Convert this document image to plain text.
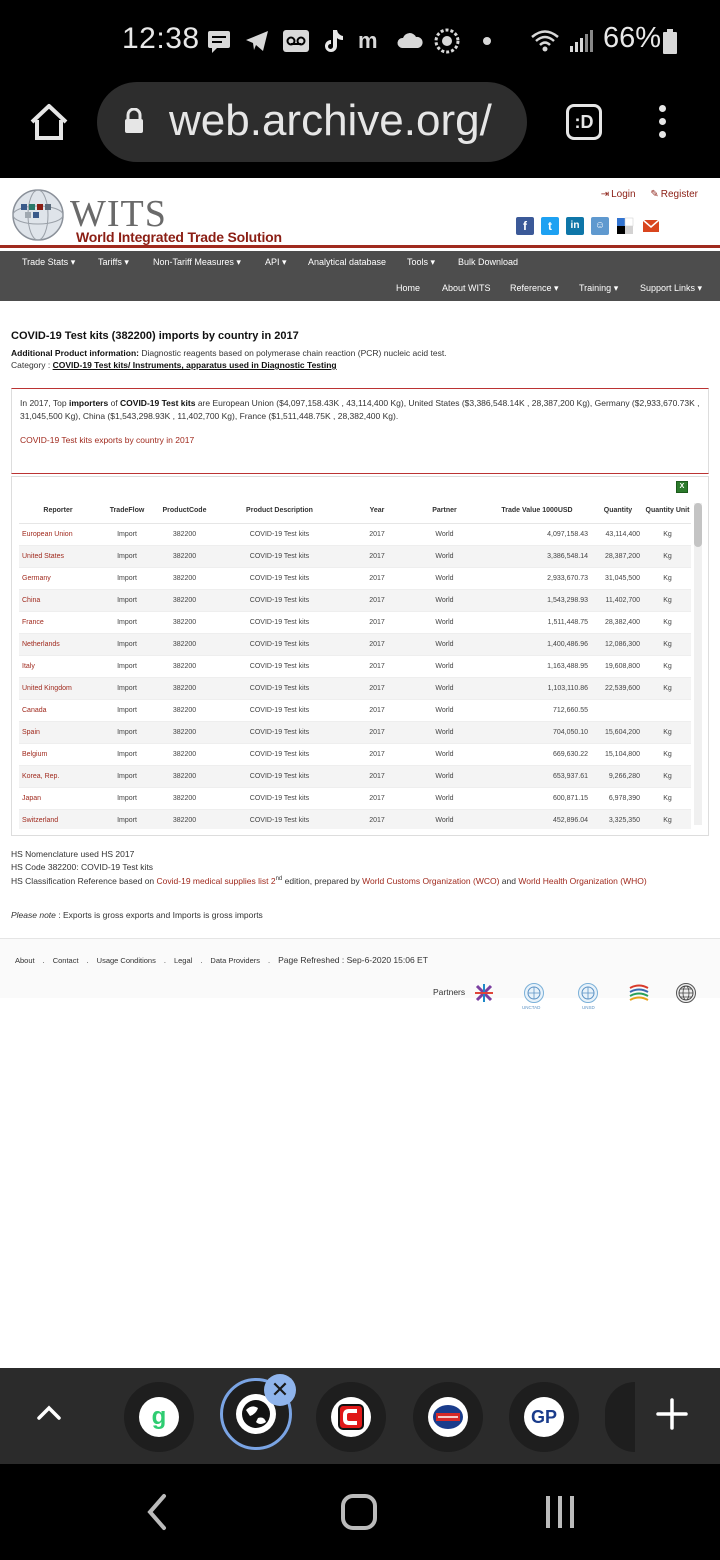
12:38	m	66%
web.archive.org/	:D
WITS
World Integrated Trade Solution
⇥ Login ✎ Register
f	t	in	☺
Trade Stats ▾	Tariffs ▾	Non-Tariff Measures ▾	API ▾ Analytical database Tools ▾	Bulk Download
Home About WITS Reference ▾ Training ▾ Support Links ▾
COVID-19 Test kits (382200) imports by country in 2017
Additional Product information: Diagnostic reagents based on polymerase chain reaction (PCR) nucleic acid test.
Category : COVID-19 Test kits/ Instruments, apparatus used in Diagnostic Testing
In 2017, Top importers of COVID-19 Test kits are European Union ($4,097,158.43K , 43,114,400 Kg), United States ($3,386,548.14K , 28,387,200 Kg), Germany ($2,933,670.73K , 31,045,500 Kg), China ($1,543,298.93K , 11,402,700 Kg), France ($1,511,448.75K , 28,382,400 Kg).
COVID-19 Test kits exports by country in 2017
X
Reporter	TradeFlow	ProductCode	Product Description	Year	Partner	Trade Value 1000USD	Quantity	Quantity Unit
European Union	Import	382200	COVID-19 Test kits	2017	World	4,097,158.43	43,114,400	Kg
United States	Import	382200	COVID-19 Test kits	2017	World	3,386,548.14	28,387,200	Kg
Germany	Import	382200	COVID-19 Test kits	2017	World	2,933,670.73	31,045,500	Kg
China	Import	382200	COVID-19 Test kits	2017	World	1,543,298.93	11,402,700	Kg
France	Import	382200	COVID-19 Test kits	2017	World	1,511,448.75	28,382,400	Kg
Netherlands	Import	382200	COVID-19 Test kits	2017	World	1,400,486.96	12,086,300	Kg
Italy	Import	382200	COVID-19 Test kits	2017	World	1,163,488.95	19,608,800	Kg
United Kingdom	Import	382200	COVID-19 Test kits	2017	World	1,103,110.86	22,539,600	Kg
Canada	Import	382200	COVID-19 Test kits	2017	World	712,660.55		
Spain	Import	382200	COVID-19 Test kits	2017	World	704,050.10	15,604,200	Kg
Belgium	Import	382200	COVID-19 Test kits	2017	World	669,630.22	15,104,800	Kg
Korea, Rep.	Import	382200	COVID-19 Test kits	2017	World	653,937.61	9,266,280	Kg
Japan	Import	382200	COVID-19 Test kits	2017	World	600,871.15	6,978,390	Kg
Switzerland	Import	382200	COVID-19 Test kits	2017	World	452,896.04	3,325,350	Kg
HS Nomenclature used HS 2017
HS Code 382200: COVID-19 Test kits
HS Classification Reference based on Covid-19 medical supplies list 2nd edition, prepared by World Customs Organization (WCO) and World Health Organization (WHO)
Please note : Exports is gross exports and Imports is gross imports
About . Contact . Usage Conditions . Legal . Data Providers . Page Refreshed : Sep-6-2020 15:06 ET
Partners
UNCTAD	UNSD
g
✕
GP
